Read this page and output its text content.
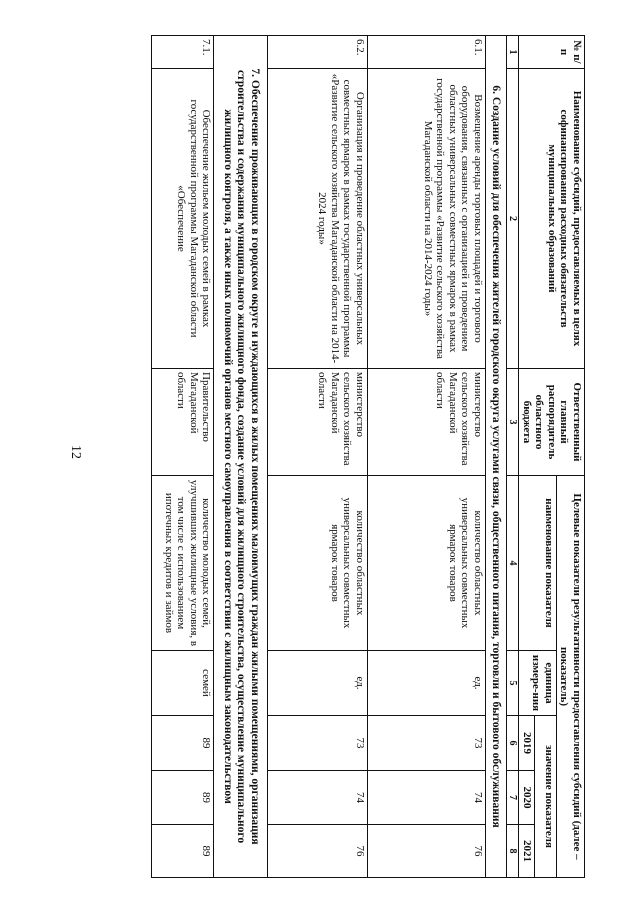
12
№ п/п	Наименование субсидий, предоставляемых в целях софинансирования расходных обязательств муниципальных образований	Ответственный главный распорядитель областного бюджета	Целевые показатели результативности предоставления субсидий (далее – показатель)				
			наименование показателя	единица измере-ния	значение показателя		
					2019	2020	2021
1	2	3	4	5	6	7	8
6. Создание условий для обеспечения жителей городского округа услугами связи, общественного питания, торговли и бытового обслуживания							
6.1.	Возмещение аренды торговых площадей и торгового оборудования, связанных с организацией и проведением областных универсальных совместных ярмарок в рамках государственной программы «Развитие сельского хозяйства Магаданской области на 2014-2024 годы»	министерство сельского хозяйства Магаданской области	количество областных универсальных совместных ярмарок товаров	ед.	73	74	76
6.2.	Организация и проведение областных универсальных совместных ярмарок в рамках государственной программы «Развитие сельского хозяйства Магаданской области на 2014-2024 годы»	министерство сельского хозяйства Магаданской области	количество областных универсальных совместных ярмарок товаров	ед.	73	74	76
7. Обеспечение проживающих в городском округе и нуждающихся в жилых помещениях малоимущих граждан жилыми помещениями, организация строительства и содержания муниципального жилищного фонда, создание условий для жилищного строительства, осуществление муниципального жилищного контроля, а также иных полномочий органов местного самоуправления в соответствии с жилищным законодательством							
7.1.	Обеспечение жильем молодых семей в рамках государственной программы Магаданской области «Обеспечение	Правительство Магаданской области	количество молодых семей, улучшивших жилищные условия, в том числе с использованием ипотечных кредитов и займов	семей	89	89	89
